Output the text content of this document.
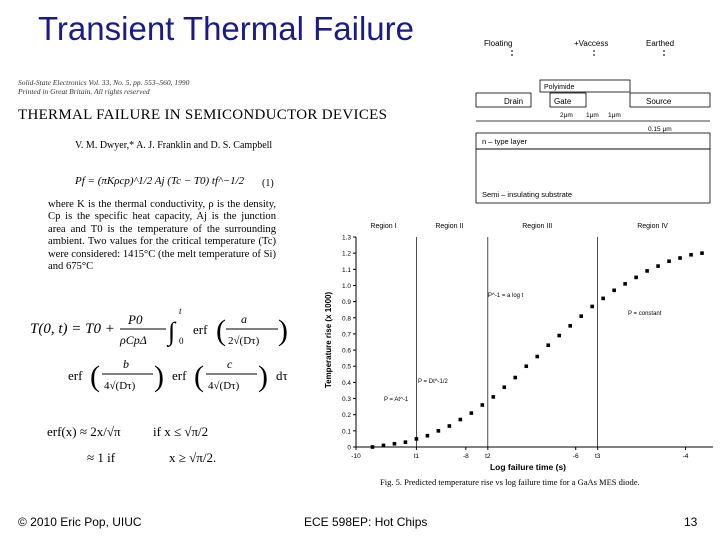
Transient Thermal Failure
Solid-State Electronics Vol. 33, No. 5, pp. 553–560, 1990
Printed in Great Britain. All rights reserved
THERMAL FAILURE IN SEMICONDUCTOR DEVICES
V. M. Dwyer,* A. J. Franklin and D. S. Campbell
Pf = (πKρcp)^1/2 Aj (Tc − T0) tf^−1/2 (1)
where K is the thermal conductivity, ρ is the density, Cp is the specific heat capacity, Aj is the junction area and T0 is the temperature of the surrounding ambient. Two values for the critical temperature (Tc) were considered: 1415°C (the melt temperature of Si) and 675°C
T(0, t) = T0 +
P0
ρCpΔ ∫
t
0
erf ( a
2√(Dτ) )
erf ( b
4√(Dτ) ) erf ( c
4√(Dτ) ) dτ
erf(x) ≈ 2x/√π if x ≤ √π/2
≈ 1 if	x ≥ √π/2.
Floating	+Vaccess	Earthed
Polyimide
Drain	Gate	Source
2μm 1μm 1μm
0.15 μm
n – type layer
Semi – insulating substrate
0
0.1
0.2
0.3
0.4
0.5
0.6
0.7
0.8
0.9
1.0
1.1
1.2
1.3
-10	t1	-8	t2	-6	t3	-4
Region I	Region II	Region III	Region IV
Log failure time (s)
Temperature rise (x 1000)
P = At^-1
P = Dt^-1/2
P^-1 = a log t
P = constant
Fig. 5. Predicted temperature rise vs log failure time for a GaAs MES diode.
© 2010 Eric Pop, UIUC	ECE 598EP: Hot Chips	13
